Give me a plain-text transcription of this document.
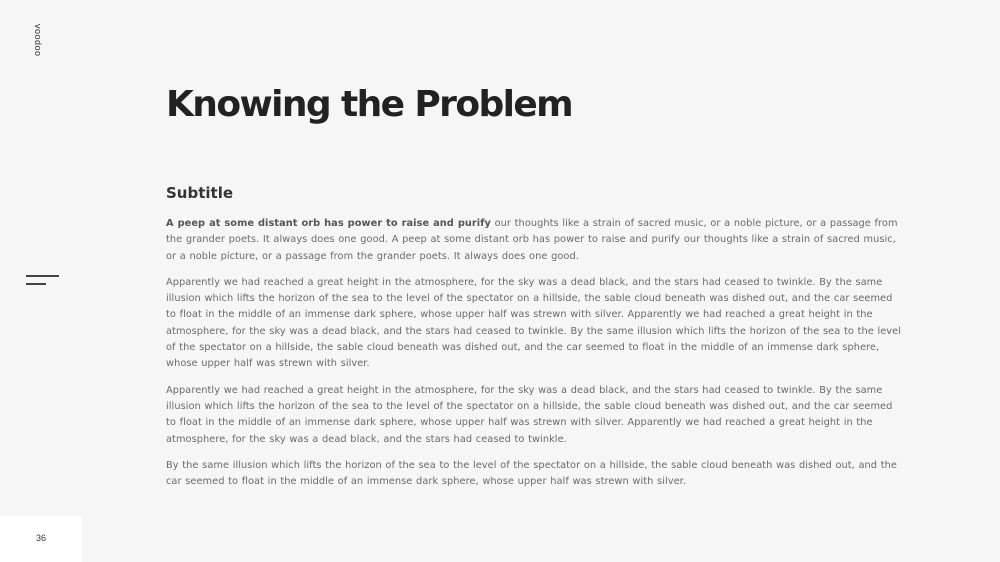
voodoo
Knowing the Problem
Subtitle

A peep at some distant orb has power to raise and purify our thoughts like a strain of sacred music, or a noble picture, or a passage from the grander poets. It always does one good. A peep at some distant orb has power to raise and purify our thoughts like a strain of sacred music, or a noble picture, or a passage from the grander poets. It always does one good.

Apparently we had reached a great height in the atmosphere, for the sky was a dead black, and the stars had ceased to twinkle. By the same illusion which lifts the horizon of the sea to the level of the spectator on a hillside, the sable cloud beneath was dished out, and the car seemed to float in the middle of an immense dark sphere, whose upper half was strewn with silver. Apparently we had reached a great height in the atmosphere, for the sky was a dead black, and the stars had ceased to twinkle. By the same illusion which lifts the horizon of the sea to the level of the spectator on a hillside, the sable cloud beneath was dished out, and the car seemed to float in the middle of an immense dark sphere, whose upper half was strewn with silver.

Apparently we had reached a great height in the atmosphere, for the sky was a dead black, and the stars had ceased to twinkle. By the same illusion which lifts the horizon of the sea to the level of the spectator on a hillside, the sable cloud beneath was dished out, and the car seemed to float in the middle of an immense dark sphere, whose upper half was strewn with silver. Apparently we had reached a great height in the atmosphere, for the sky was a dead black, and the stars had ceased to twinkle.

By the same illusion which lifts the horizon of the sea to the level of the spectator on a hillside, the sable cloud beneath was dished out, and the car seemed to float in the middle of an immense dark sphere, whose upper half was strewn with silver.

36
